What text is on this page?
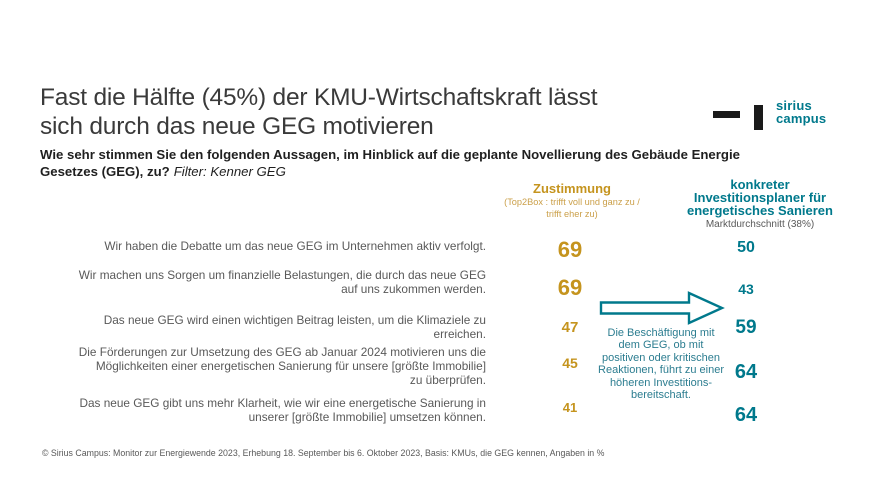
Fast die Hälfte (45%) der KMU-Wirtschaftskraft lässt
sich durch das neue GEG motivieren
Wie sehr stimmen Sie den folgenden Aussagen, im Hinblick auf die geplante Novellierung des Gebäude Energie
Gesetzes (GEG), zu? Filter: Kenner GEG
sirius
campus
Zustimmung
(Top2Box : trifft voll und ganz zu /
trifft eher zu)
konkreter
Investitionsplaner für
energetisches Sanieren
Marktdurchschnitt (38%)
Wir haben die Debatte um das neue GEG im Unternehmen aktiv verfolgt.	69	50
Wir machen uns Sorgen um finanzielle Belastungen, die durch das neue GEG
auf uns zukommen werden.	69	43
Das neue GEG wird einen wichtigen Beitrag leisten, um die Klimaziele zu
erreichen.	47	59
Die Förderungen zur Umsetzung des GEG ab Januar 2024 motivieren uns die
Möglichkeiten einer energetischen Sanierung für unsere [größte Immobilie]
zu überprüfen.
45	64
Das neue GEG gibt uns mehr Klarheit, wie wir eine energetische Sanierung in
unserer [größte Immobilie] umsetzen können.
41	64
Die Beschäftigung mit
dem GEG, ob mit
positiven oder kritischen
Reaktionen, führt zu einer
höheren Investitions-
bereitschaft.
© Sirius Campus: Monitor zur Energiewende 2023, Erhebung 18. September bis 6. Oktober 2023, Basis: KMUs, die GEG kennen, Angaben in %
